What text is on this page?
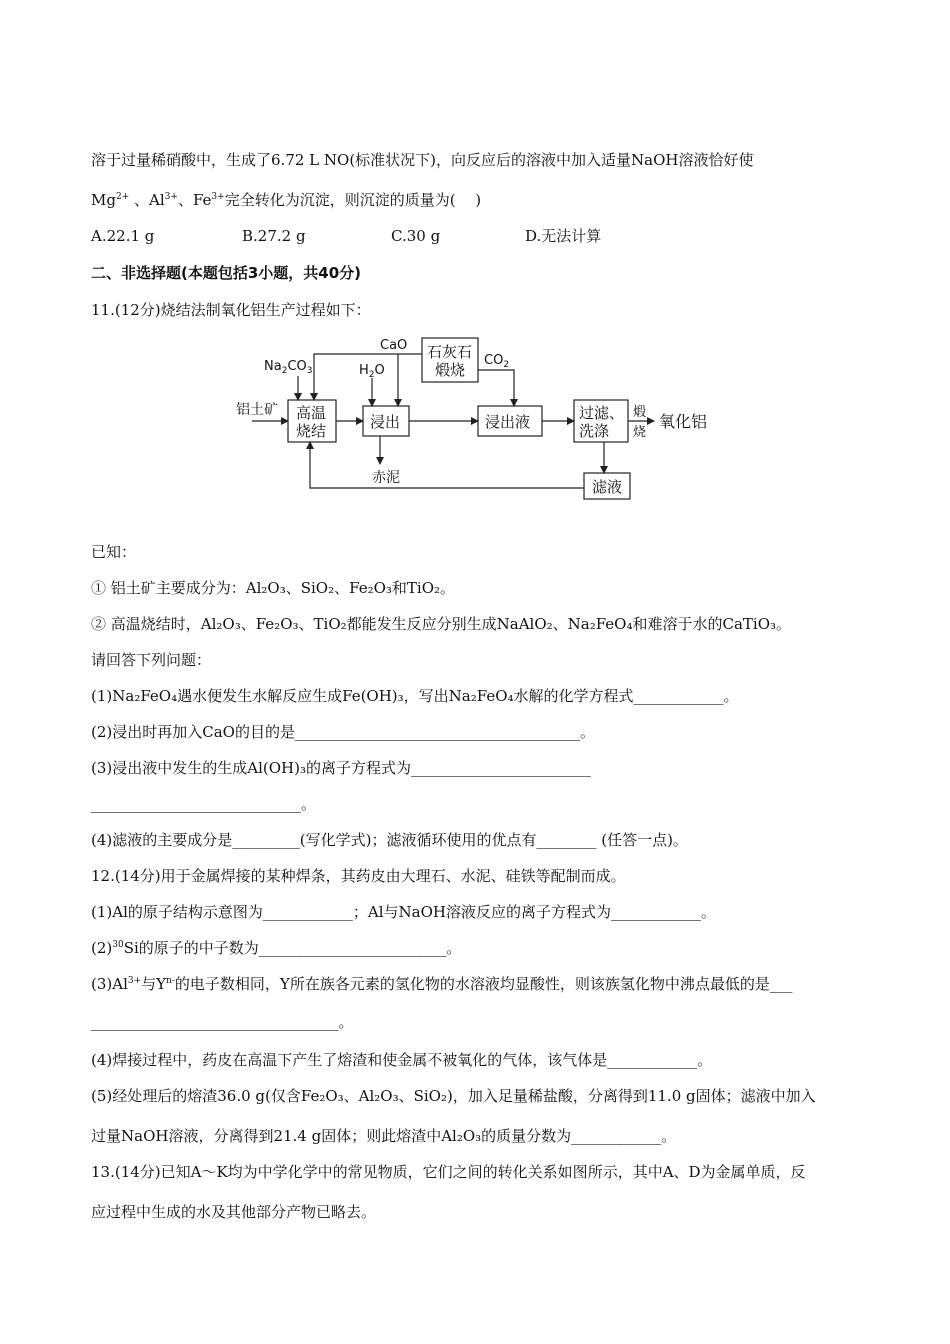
溶于过量稀硝酸中，生成了6.72 L NO(标准状况下)，向反应后的溶液中加入适量NaOH溶液恰好使
$Mg^{2+}$ 、$Al^{3+}$、$Fe^{3+}$完全转化为沉淀，则沉淀的质量为(　 )
A.22.1 g	B.27.2 g	C.30 g	D.无法计算
二、非选择题(本题包括3小题，共40分)
11.(12分)烧结法制氧化铝生产过程如下：
铝土矿
$Na_2CO_3$
CaO
$H_2O$
$CO_2$
高温
烧结	浸出
石灰石
煅烧
浸出液	过滤、
洗涤
煅
烧
氧化铝
赤泥	滤液
已知：
① 铝土矿主要成分为：Al₂O₃、SiO₂、Fe₂O₃和TiO₂。
② 高温烧结时，Al₂O₃、Fe₂O₃、TiO₂都能发生反应分别生成NaAlO₂、Na₂FeO₄和难溶于水的CaTiO₃。
请回答下列问题：
(1)Na₂FeO₄遇水便发生水解反应生成Fe(OH)₃，写出Na₂FeO₄水解的化学方程式____________。
(2)浸出时再加入CaO的目的是______________________________________。
(3)浸出液中发生的生成Al(OH)₃的离子方程式为________________________
____________________________。
(4)滤液的主要成分是_________(写化学式)；滤液循环使用的优点有________ (任答一点)。
12.(14分)用于金属焊接的某种焊条，其药皮由大理石、水泥、硅铁等配制而成。
(1)Al的原子结构示意图为____________；Al与NaOH溶液反应的离子方程式为____________。
$(2)^{30}Si$的原子的中子数为_________________________。
$(3)Al^{3+}$与$Y^{n-}$的电子数相同，Y所在族各元素的氢化物的水溶液均显酸性，则该族氢化物中沸点最低的是___
_________________________________。
(4)焊接过程中，药皮在高温下产生了熔渣和使金属不被氧化的气体，该气体是____________。
(5)经处理后的熔渣36.0 g(仅含Fe₂O₃、Al₂O₃、SiO₂)，加入足量稀盐酸，分离得到11.0 g固体；滤液中加入
过量NaOH溶液，分离得到21.4 g固体；则此熔渣中Al₂O₃的质量分数为____________。
13.(14分)已知A～K均为中学化学中的常见物质，它们之间的转化关系如图所示，其中A、D为金属单质，反
应过程中生成的水及其他部分产物已略去。
